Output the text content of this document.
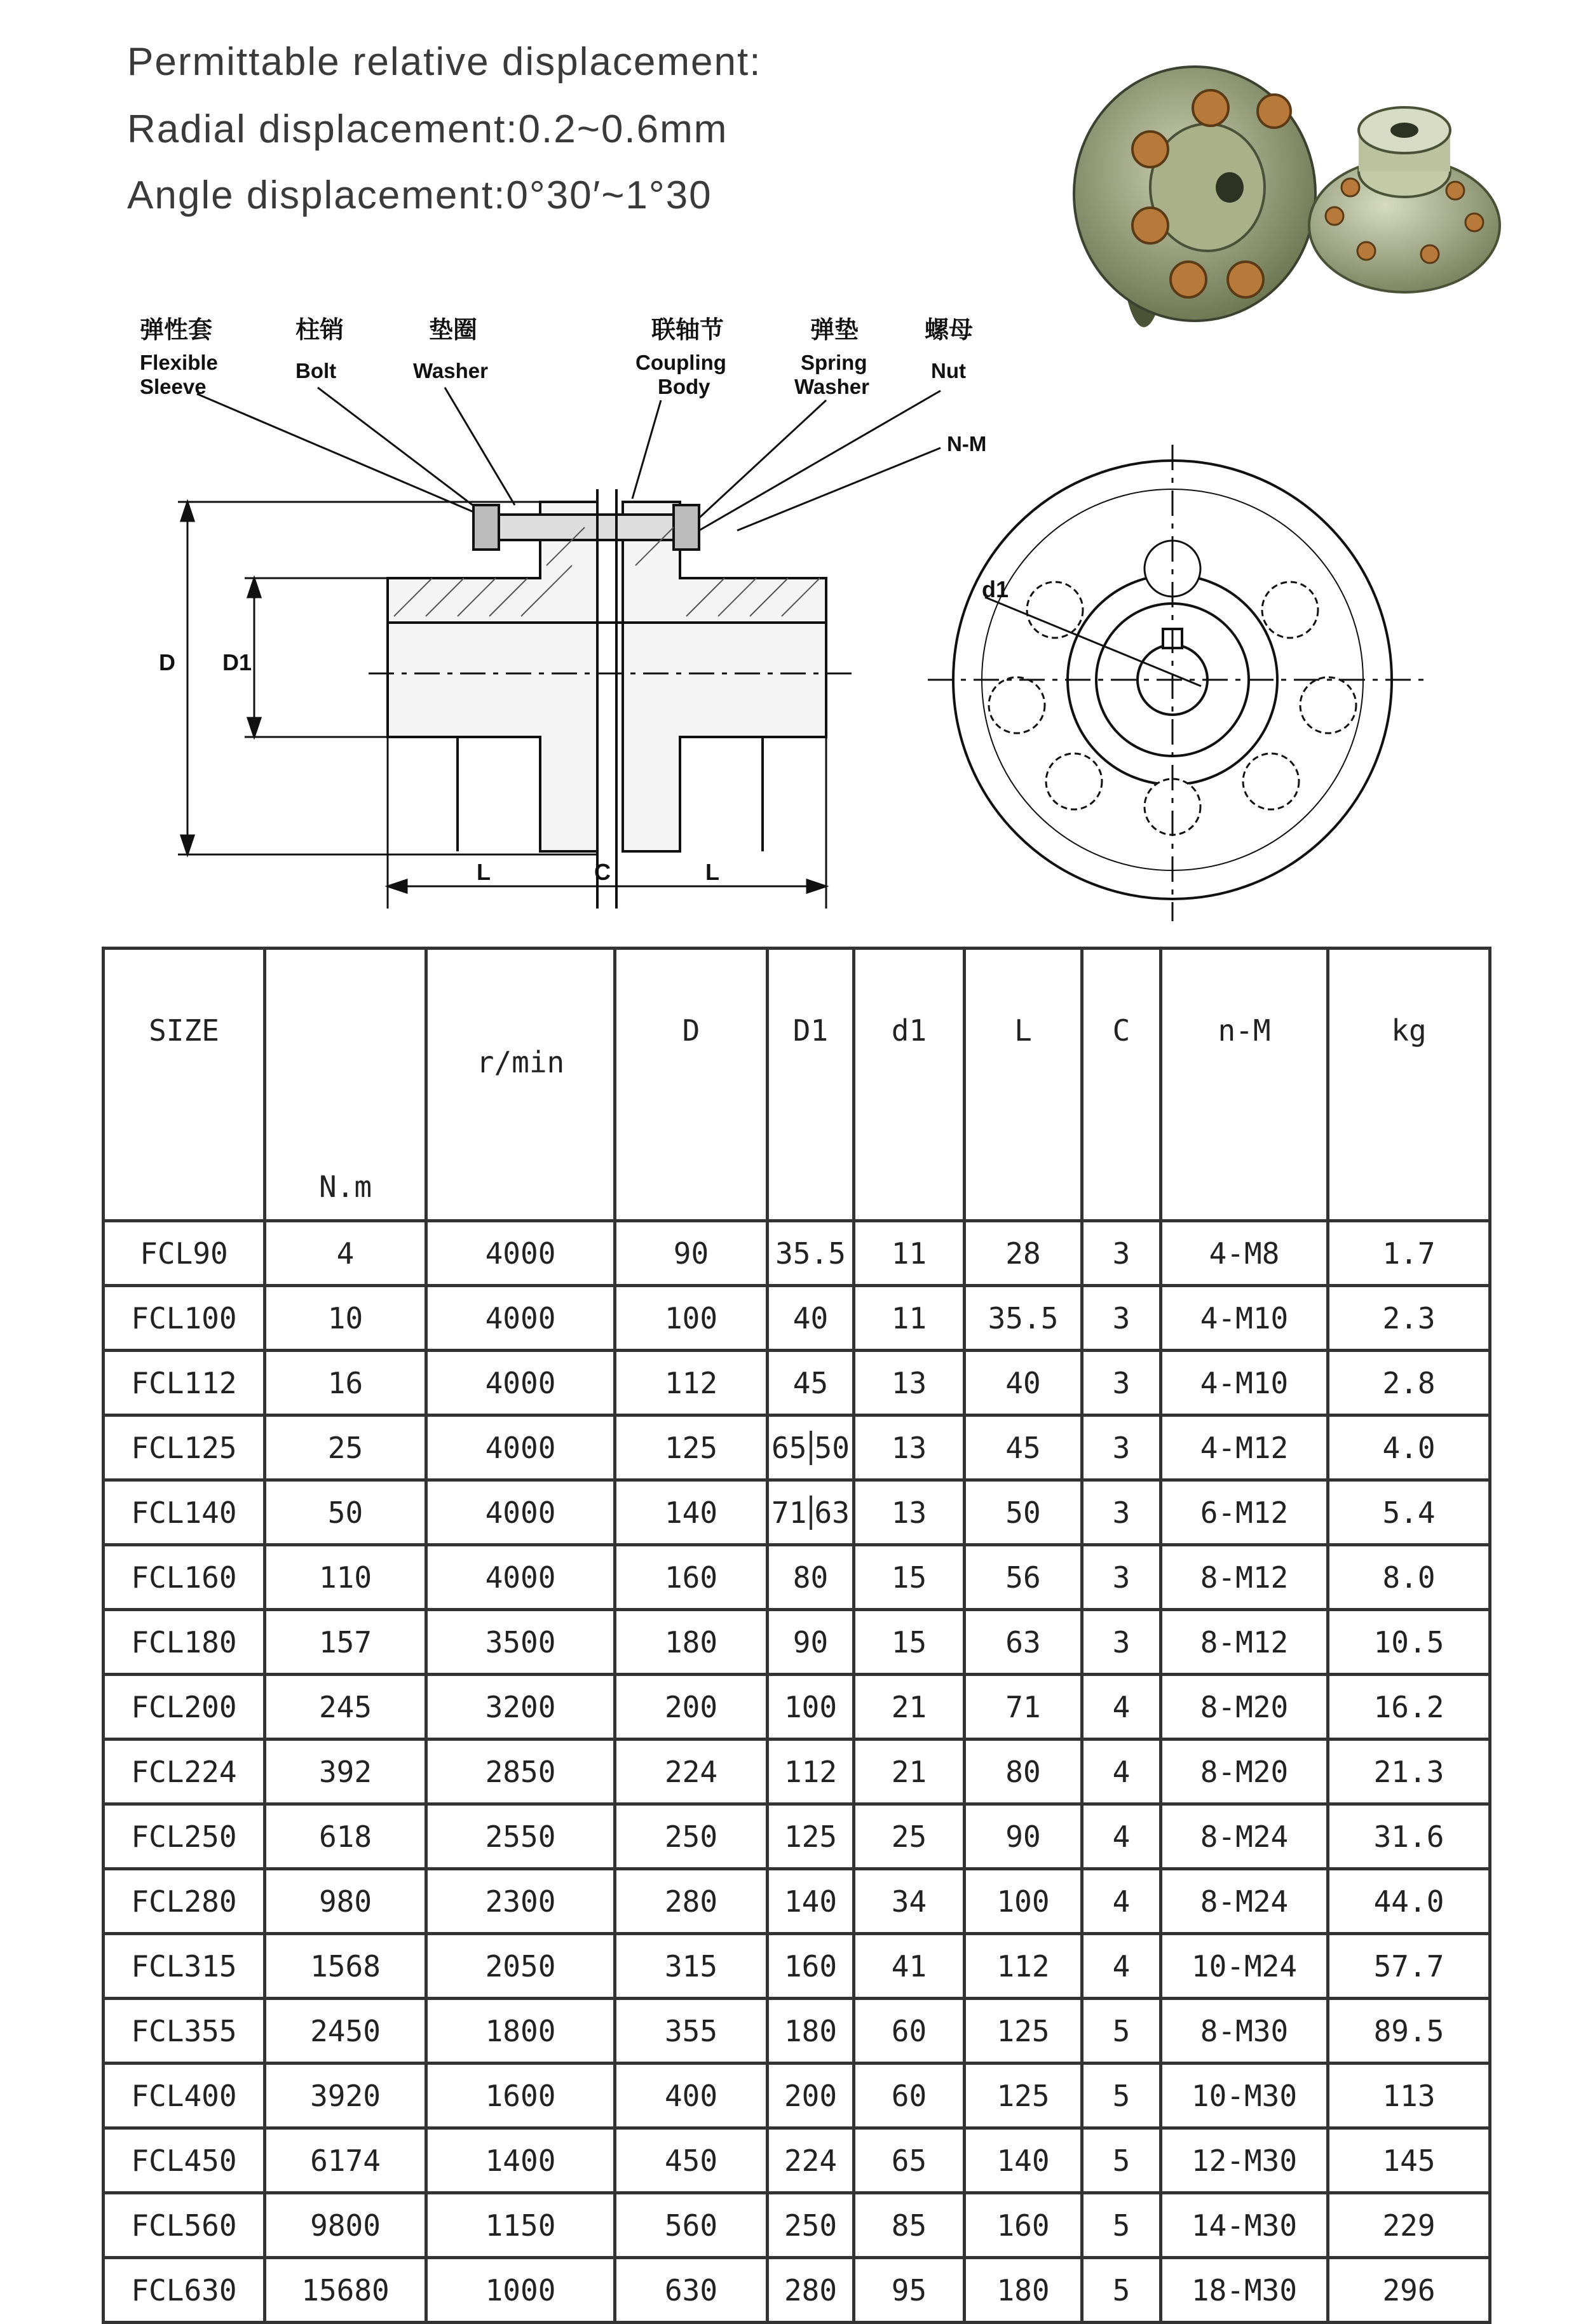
Permittable relative displacement:
Radial displacement:0.2~0.6mm
Angle displacement:0°30′~1°30
弹性套
Flexible
Sleeve
柱销
Bolt
垫圈
Washer
联轴节
Coupling
Body
弹垫
Spring
Washer
螺母
Nut
N-M
D D1
L	C	L
d1
SIZE	N.m	r/min	D	D1	d1	L	C	n-M	kg
FCL90	4	4000	90	35.5	11	28	3	4-M8	1.7
FCL100	10	4000	100	40	11	35.5	3	4-M10	2.3
FCL112	16	4000	112	45	13	40	3	4-M10	2.8
FCL125	25	4000	125	65 50	13	45	3	4-M12	4.0
FCL140	50	4000	140	71 63	13	50	3	6-M12	5.4
FCL160	110	4000	160	80	15	56	3	8-M12	8.0
FCL180	157	3500	180	90	15	63	3	8-M12	10.5
FCL200	245	3200	200	100	21	71	4	8-M20	16.2
FCL224	392	2850	224	112	21	80	4	8-M20	21.3
FCL250	618	2550	250	125	25	90	4	8-M24	31.6
FCL280	980	2300	280	140	34	100	4	8-M24	44.0
FCL315	1568	2050	315	160	41	112	4	10-M24	57.7
FCL355	2450	1800	355	180	60	125	5	8-M30	89.5
FCL400	3920	1600	400	200	60	125	5	10-M30	113
FCL450	6174	1400	450	224	65	140	5	12-M30	145
FCL560	9800	1150	560	250	85	160	5	14-M30	229
FCL630	15680	1000	630	280	95	180	5	18-M30	296
